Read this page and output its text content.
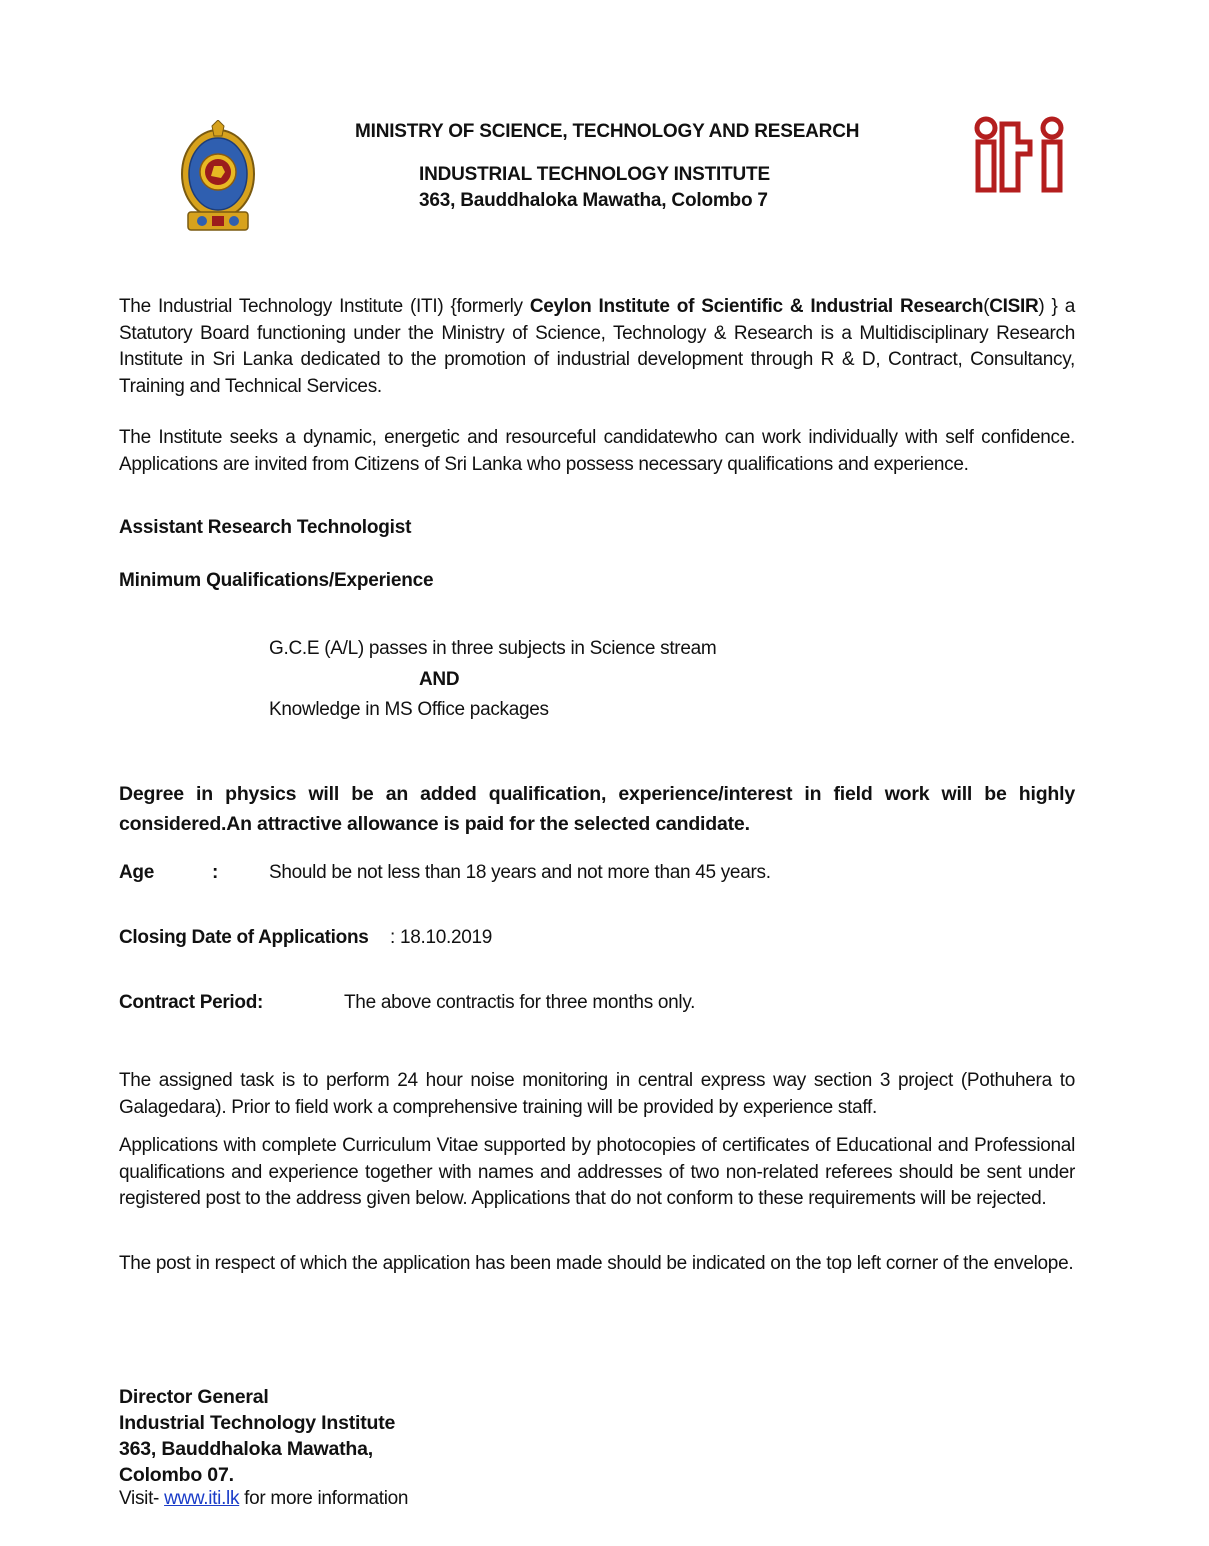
MINISTRY OF SCIENCE, TECHNOLOGY AND RESEARCH
INDUSTRIAL TECHNOLOGY INSTITUTE
363, Bauddhaloka Mawatha, Colombo 7

The Industrial Technology Institute (ITI) {formerly Ceylon Institute of Scientific & Industrial Research(CISIR) } a Statutory Board functioning under the Ministry of Science, Technology & Research is a Multidisciplinary Research Institute in Sri Lanka dedicated to the promotion of industrial development through R & D, Contract, Consultancy, Training and Technical Services.

The Institute seeks a dynamic, energetic and resourceful candidatewho can work individually with self confidence. Applications are invited from Citizens of Sri Lanka who possess necessary qualifications and experience.

Assistant Research Technologist
Minimum Qualifications/Experience
G.C.E (A/L) passes in three subjects in Science stream
AND
Knowledge in MS Office packages

Degree in physics will be an added qualification, experience/interest in field work will be highly considered.An attractive allowance is paid for the selected candidate.

Age	:	Should be not less than 18 years and not more than 45 years.
Closing Date of Applications : 18.10.2019
Contract Period:	The above contractis for three months only.

The assigned task is to perform 24 hour noise monitoring in central express way section 3 project (Pothuhera to Galagedara). Prior to field work a comprehensive training will be provided by experience staff.

Applications with complete Curriculum Vitae supported by photocopies of certificates of Educational and Professional qualifications and experience together with names and addresses of two non-related referees should be sent under registered post to the address given below. Applications that do not conform to these requirements will be rejected.

The post in respect of which the application has been made should be indicated on the top left corner of the envelope.

Director General
Industrial Technology Institute
363, Bauddhaloka Mawatha,
Colombo 07.
Visit- www.iti.lk for more information
